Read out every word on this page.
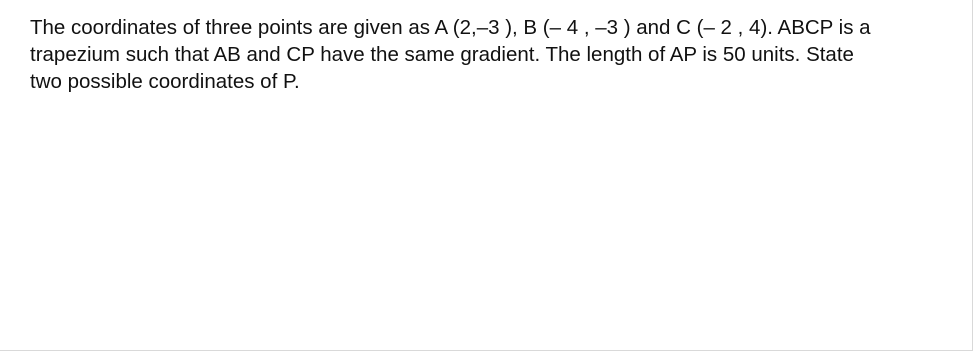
The coordinates of three points are given as A (2,–3 ), B (– 4 , –3 ) and C (– 2 , 4). ABCP is a
trapezium such that AB and CP have the same gradient. The length of AP is 50 units. State
two possible coordinates of P.
